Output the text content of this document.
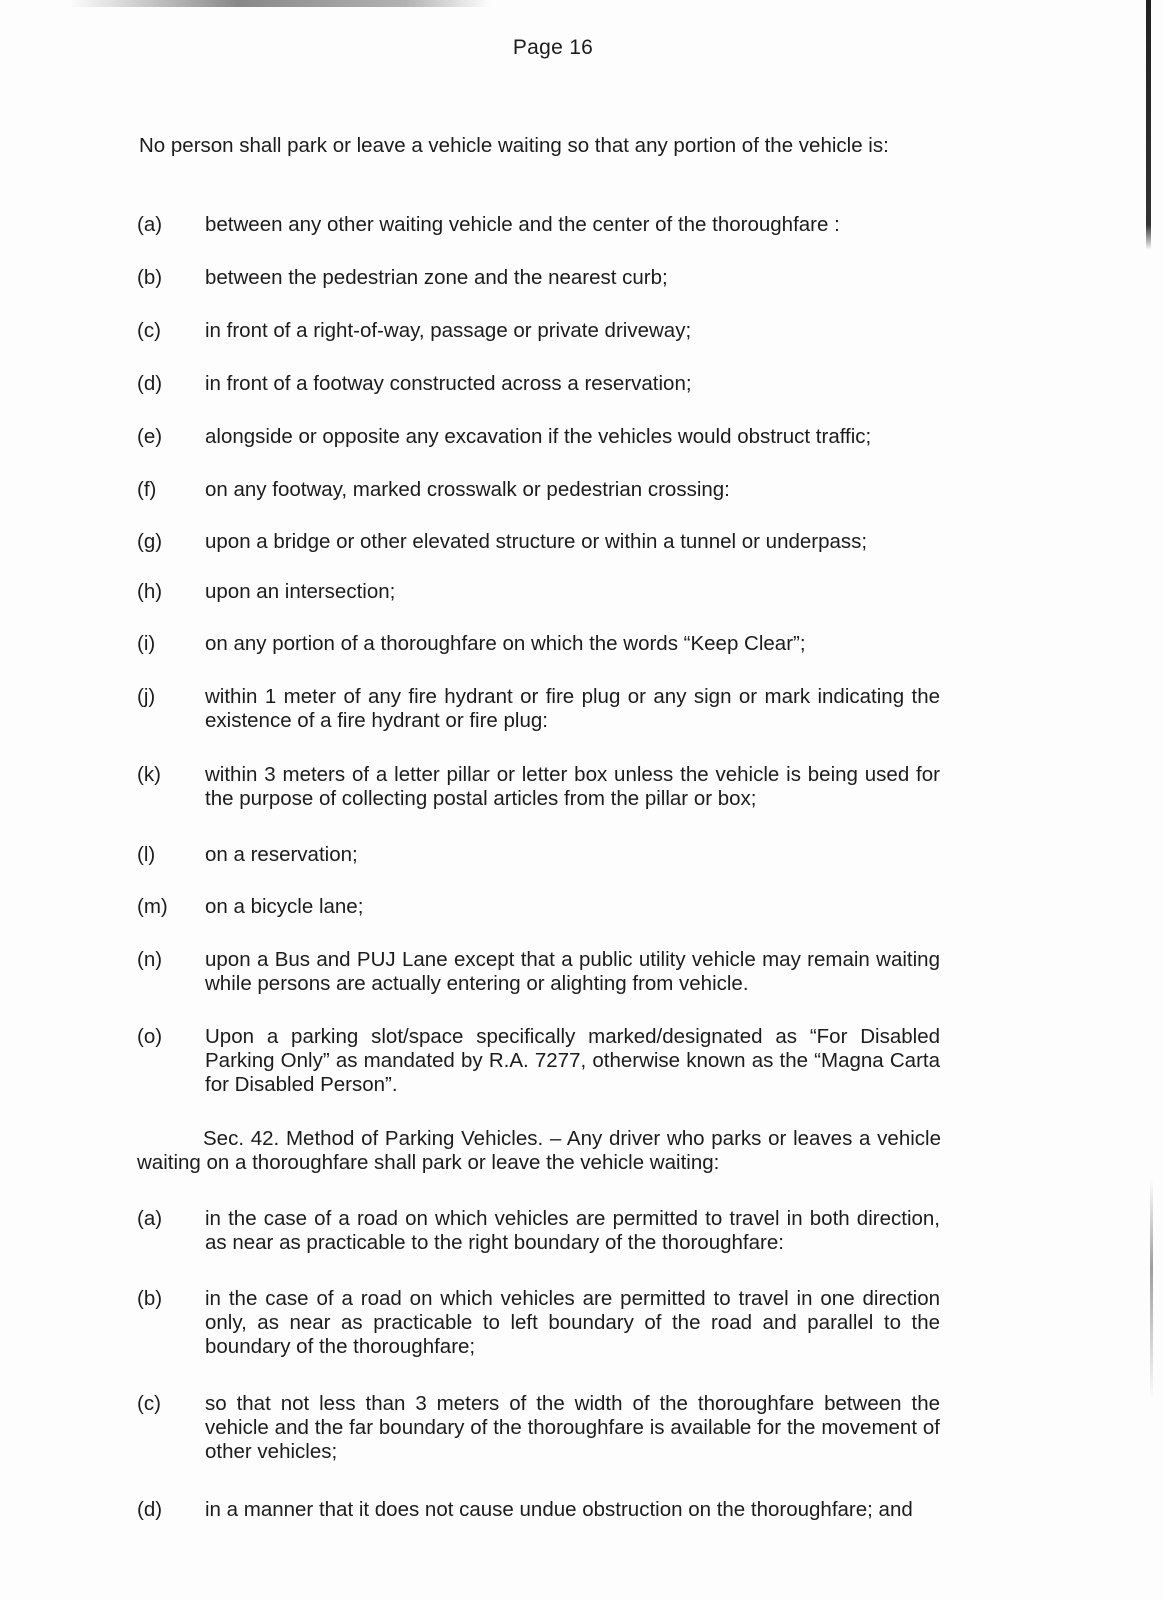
Page 16
No person shall park or leave a vehicle waiting so that any portion of the vehicle is:
(a)	between any other waiting vehicle and the center of the thoroughfare :
(b)	between the pedestrian zone and the nearest curb;
(c)	in front of a right-of-way, passage or private driveway;
(d)	in front of a footway constructed across a reservation;
(e)	alongside or opposite any excavation if the vehicles would obstruct traffic;
(f)	on any footway, marked crosswalk or pedestrian crossing:
(g)	upon a bridge or other elevated structure or within a tunnel or underpass;
(h)	upon an intersection;
(i)	on any portion of a thoroughfare on which the words “Keep Clear”;
(j)	within 1 meter of any fire hydrant or fire plug or any sign or mark indicating the existence of a fire hydrant or fire plug:
(k)	within 3 meters of a letter pillar or letter box unless the vehicle is being used for the purpose of collecting postal articles from the pillar or box;
(l)	on a reservation;
(m)	on a bicycle lane;
(n)	upon a Bus and PUJ Lane except that a public utility vehicle may remain waiting while persons are actually entering or alighting from vehicle.
(o)	Upon a parking slot/space specifically marked/designated as “For Disabled Parking Only” as mandated by R.A. 7277, otherwise known as the “Magna Carta for Disabled Person”.
Sec. 42. Method of Parking Vehicles. – Any driver who parks or leaves a vehicle waiting on a thoroughfare shall park or leave the vehicle waiting:
(a)	in the case of a road on which vehicles are permitted to travel in both direction, as near as practicable to the right boundary of the thoroughfare:
(b)	in the case of a road on which vehicles are permitted to travel in one direction only, as near as practicable to left boundary of the road and parallel to the boundary of the thoroughfare;
(c)	so that not less than 3 meters of the width of the thoroughfare between the vehicle and the far boundary of the thoroughfare is available for the movement of other vehicles;
(d)	in a manner that it does not cause undue obstruction on the thoroughfare; and
